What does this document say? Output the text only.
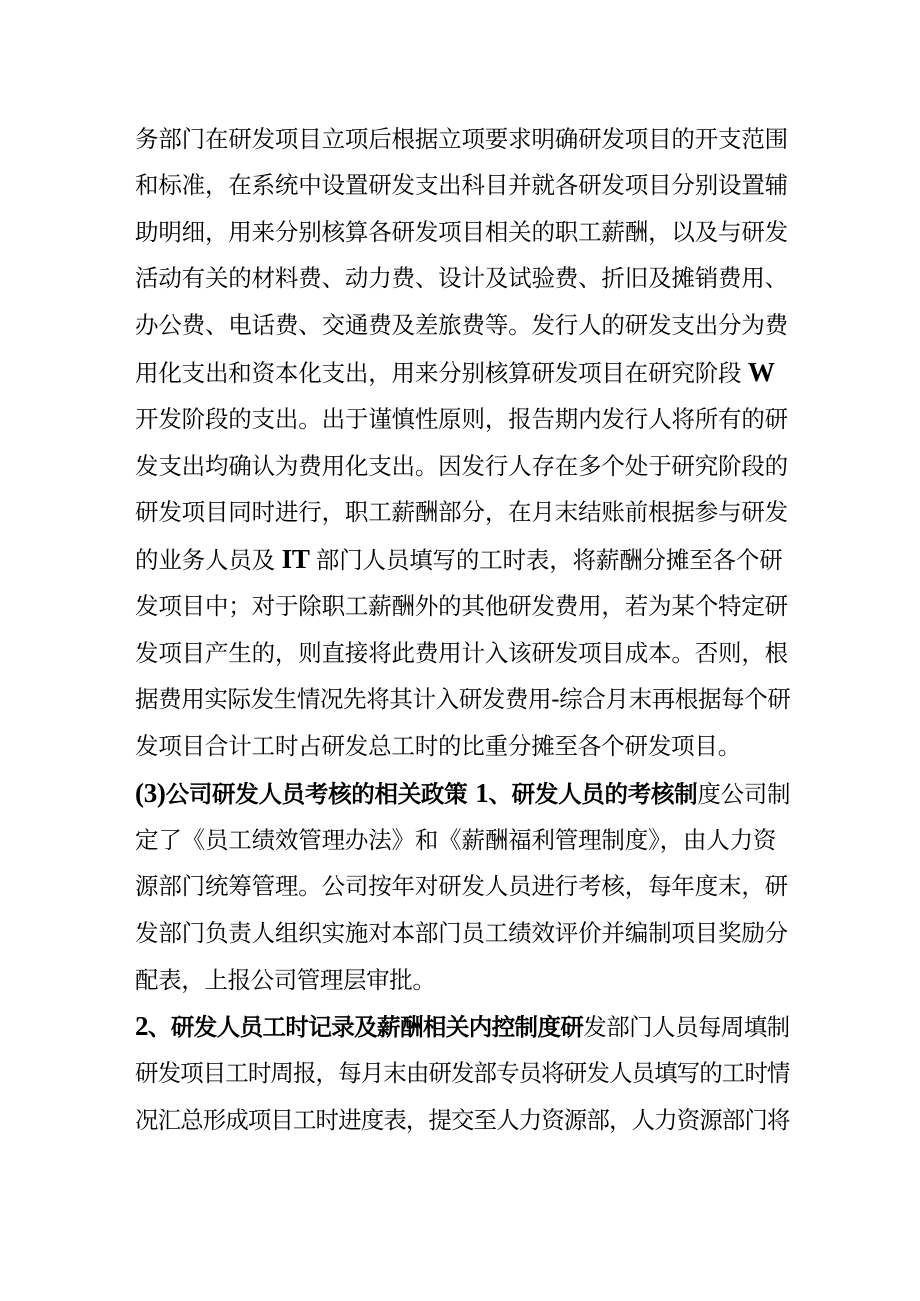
务部门在研发项目立项后根据立项要求明确研发项目的开支范围
和标准，在系统中设置研发支出科目并就各研发项目分别设置辅
助明细，用来分别核算各研发项目相关的职工薪酬，以及与研发
活动有关的材料费、动力费、设计及试验费、折旧及摊销费用、
办公费、电话费、交通费及差旅费等。发行人的研发支出分为费
用化支出和资本化支出，用来分别核算研发项目在研究阶段 W
开发阶段的支出。出于谨慎性原则，报告期内发行人将所有的研
发支出均确认为费用化支出。因发行人存在多个处于研究阶段的
研发项目同时进行，职工薪酬部分，在月末结账前根据参与研发
的业务人员及 IT 部门人员填写的工时表，将薪酬分摊至各个研
发项目中；对于除职工薪酬外的其他研发费用，若为某个特定研
发项目产生的，则直接将此费用计入该研发项目成本。否则，根
据费用实际发生情况先将其计入研发费用-综合月末再根据每个研
发项目合计工时占研发总工时的比重分摊至各个研发项目。
(3)公司研发人员考核的相关政策 1、研发人员的考核制度公司制
定了《员工绩效管理办法》和《薪酬福利管理制度》，由人力资
源部门统筹管理。公司按年对研发人员进行考核，每年度末，研
发部门负责人组织实施对本部门员工绩效评价并编制项目奖励分
配表，上报公司管理层审批。
2、研发人员工时记录及薪酬相关内控制度研发部门人员每周填制
研发项目工时周报，每月末由研发部专员将研发人员填写的工时情
况汇总形成项目工时进度表，提交至人力资源部，人力资源部门将
